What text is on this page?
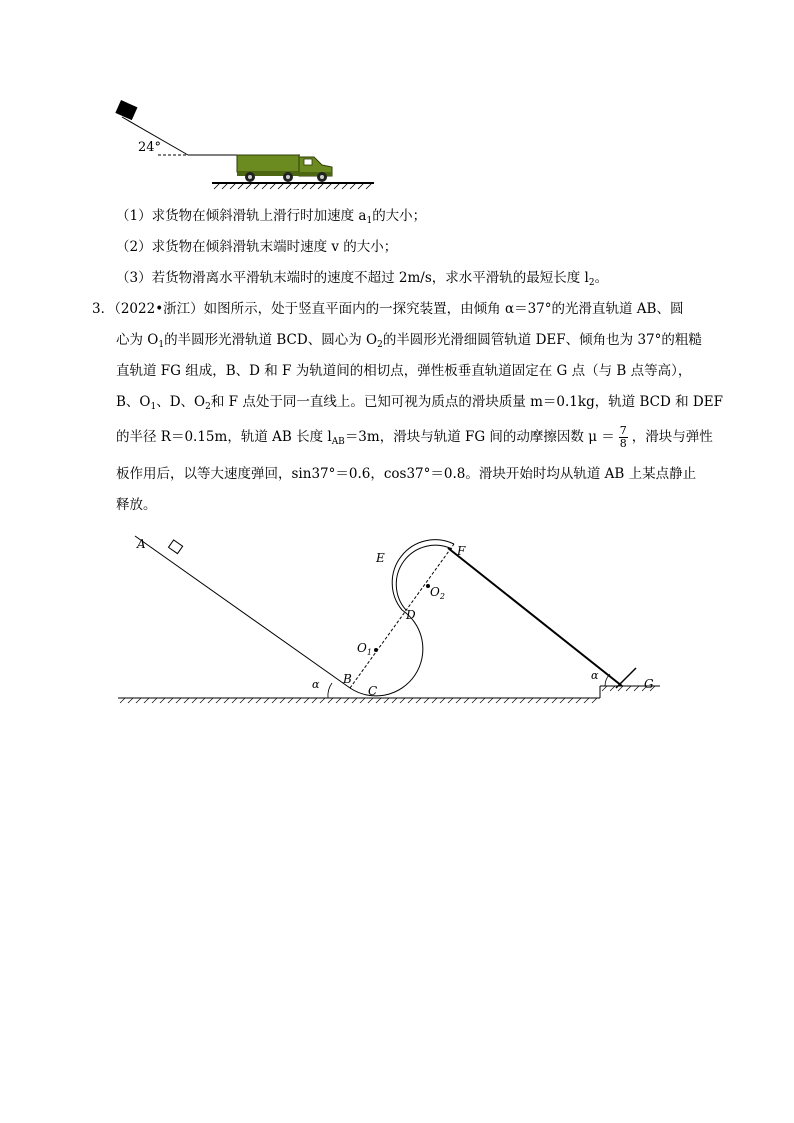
24°
（1）求货物在倾斜滑轨上滑行时加速度 $a_1$的大小；
（2）求货物在倾斜滑轨末端时速度 v 的大小；
（3）若货物滑离水平滑轨末端时的速度不超过 2m/s，求水平滑轨的最短长度 $l_2$。
3．（2022•浙江）如图所示，处于竖直平面内的一探究装置，由倾角 α＝37°的光滑直轨道 AB、圆
心为 $O_1$的半圆形光滑轨道 BCD、圆心为 $O_2$的半圆形光滑细圆管轨道 DEF、倾角也为 37°的粗糙
直轨道 FG 组成，B、D 和 F 为轨道间的相切点，弹性板垂直轨道固定在 G 点（与 B 点等高），
B、$O_1$、D、$O_2$和 F 点处于同一直线上。已知可视为质点的滑块质量 m＝0.1kg，轨道 BCD 和 DEF
的半径 R＝0.15m，轨道 AB 长度 $l_{AB}=3m$，滑块与轨道 FG 间的动摩擦因数 $\mu = \frac{7}{8}$ ，滑块与弹性
板作用后，以等大速度弹回，sin37°＝0.6，cos37°＝0.8。滑块开始时均从轨道 AB 上某点静止
释放。
A
B
C
D
E	F
G
$O_1$
$O_2$
α
α
